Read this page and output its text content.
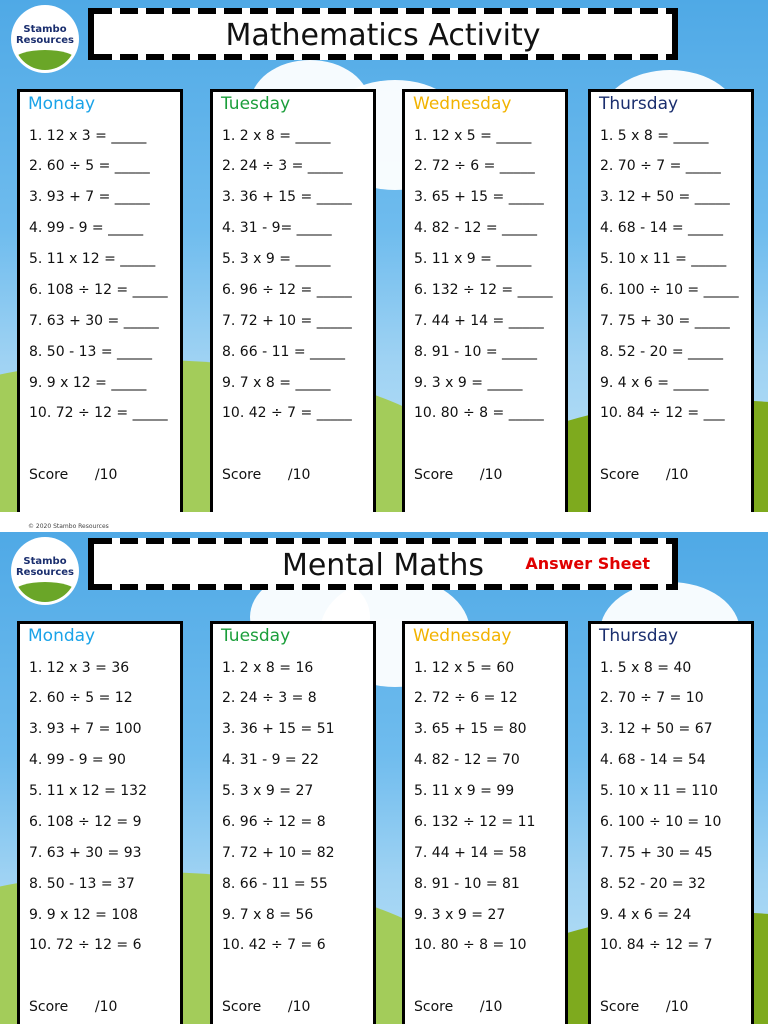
Stambo
Resources	Mathematics Activity
Monday
1. 12 x 3 = _____
2. 60 ÷ 5 = _____
3. 93 + 7 = _____
4. 99 - 9 = _____
5. 11 x 12 = _____
6. 108 ÷ 12 = _____
7. 63 + 30 = _____
8. 50 - 13 = _____
9. 9 x 12 = _____
10. 72 ÷ 12 = _____
Score      /10
Tuesday
1. 2 x 8 = _____
2. 24 ÷ 3 = _____
3. 36 + 15 = _____
4. 31 - 9= _____
5. 3 x 9 = _____
6. 96 ÷ 12 = _____
7. 72 + 10 = _____
8. 66 - 11 = _____
9. 7 x 8 = _____
10. 42 ÷ 7 = _____
Score      /10
Wednesday
1. 12 x 5 = _____
2. 72 ÷ 6 = _____
3. 65 + 15 = _____
4. 82 - 12 = _____
5. 11 x 9 = _____
6. 132 ÷ 12 = _____
7. 44 + 14 = _____
8. 91 - 10 = _____
9. 3 x 9 = _____
10. 80 ÷ 8 = _____
Score      /10
Thursday
1. 5 x 8 = _____
2. 70 ÷ 7 = _____
3. 12 + 50 = _____
4. 68 - 14 = _____
5. 10 x 11 = _____
6. 100 ÷ 10 = _____
7. 75 + 30 = _____
8. 52 - 20 = _____
9. 4 x 6 = _____
10. 84 ÷ 12 = ___
Score      /10
© 2020 Stambo Resources
Stambo
Resources	Mental Maths	Answer Sheet
Monday
1. 12 x 3 = 36
2. 60 ÷ 5 = 12
3. 93 + 7 = 100
4. 99 - 9 = 90
5. 11 x 12 = 132
6. 108 ÷ 12 = 9
7. 63 + 30 = 93
8. 50 - 13 = 37
9. 9 x 12 = 108
10. 72 ÷ 12 = 6
Score      /10
Tuesday
1. 2 x 8 = 16
2. 24 ÷ 3 = 8
3. 36 + 15 = 51
4. 31 - 9 = 22
5. 3 x 9 = 27
6. 96 ÷ 12 = 8
7. 72 + 10 = 82
8. 66 - 11 = 55
9. 7 x 8 = 56
10. 42 ÷ 7 = 6
Score      /10
Wednesday
1. 12 x 5 = 60
2. 72 ÷ 6 = 12
3. 65 + 15 = 80
4. 82 - 12 = 70
5. 11 x 9 = 99
6. 132 ÷ 12 = 11
7. 44 + 14 = 58
8. 91 - 10 = 81
9. 3 x 9 = 27
10. 80 ÷ 8 = 10
Score      /10
Thursday
1. 5 x 8 = 40
2. 70 ÷ 7 = 10
3. 12 + 50 = 67
4. 68 - 14 = 54
5. 10 x 11 = 110
6. 100 ÷ 10 = 10
7. 75 + 30 = 45
8. 52 - 20 = 32
9. 4 x 6 = 24
10. 84 ÷ 12 = 7
Score      /10
